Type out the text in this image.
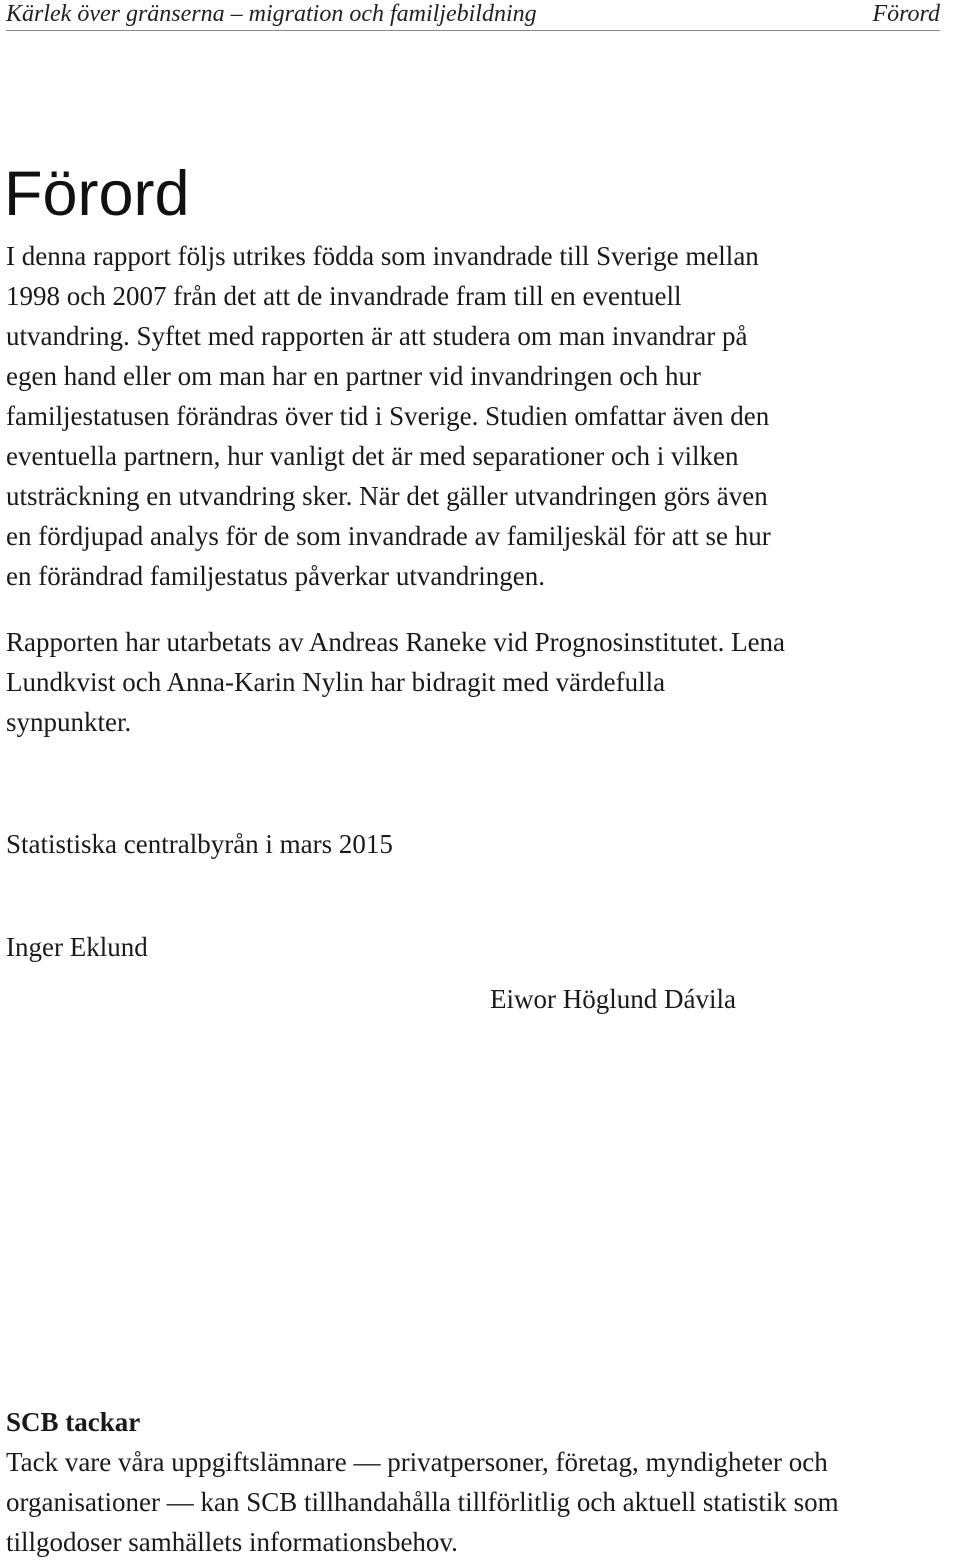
Kärlek över gränserna – migration och familjebildning	Förord
Förord

I denna rapport följs utrikes födda som invandrade till Sverige mellan
1998 och 2007 från det att de invandrade fram till en eventuell
utvandring. Syftet med rapporten är att studera om man invandrar på
egen hand eller om man har en partner vid invandringen och hur
familjestatusen förändras över tid i Sverige. Studien omfattar även den
eventuella partnern, hur vanligt det är med separationer och i vilken
utsträckning en utvandring sker. När det gäller utvandringen görs även
en fördjupad analys för de som invandrade av familjeskäl för att se hur
en förändrad familjestatus påverkar utvandringen.

Rapporten har utarbetats av Andreas Raneke vid Prognosinstitutet. Lena
Lundkvist och Anna-Karin Nylin har bidragit med värdefulla
synpunkter.

Statistiska centralbyrån i mars 2015

Inger Eklund

Eiwor Höglund Dávila

SCB tackar

Tack vare våra uppgiftslämnare — privatpersoner, företag, myndigheter och
organisationer — kan SCB tillhandahålla tillförlitlig och aktuell statistik som
tillgodoser samhällets informationsbehov.
